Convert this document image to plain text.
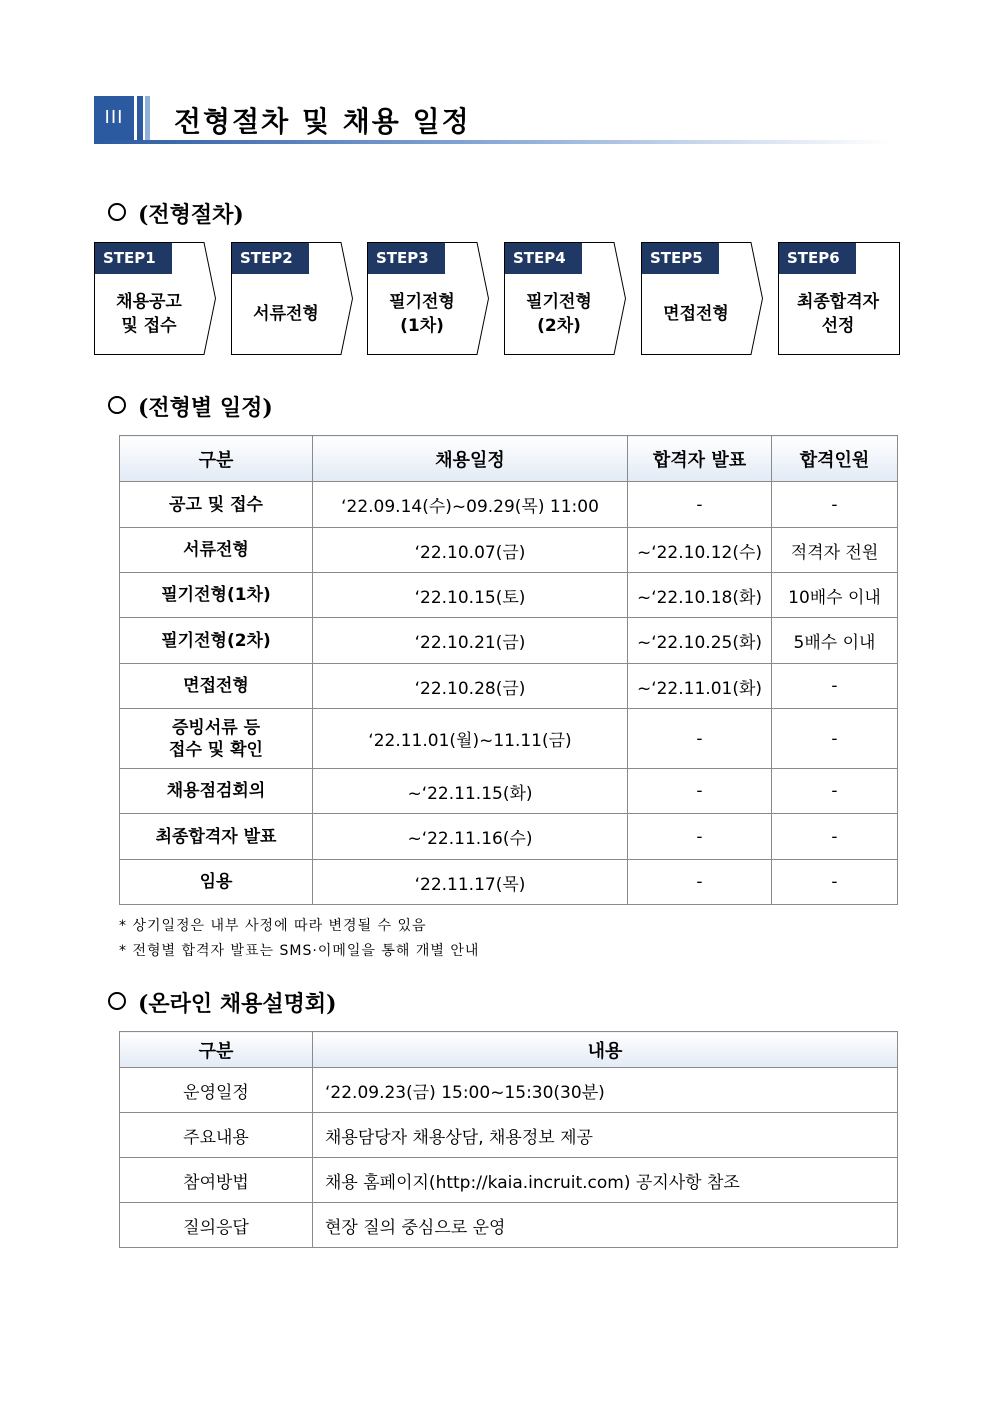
III	전형절차 및 채용 일정
(전형절차)
STEP1
채용공고
및 접수
STEP2
서류전형
STEP3
필기전형
(1차)
STEP4
필기전형
(2차)
STEP5
면접전형
STEP6
최종합격자
선정
(전형별 일정)
구분	채용일정	합격자 발표	합격인원

공고 및 접수	‘22.09.14(수)~09.29(목) 11:00	-	-

서류전형	‘22.10.07(금)	~‘22.10.12(수)	적격자 전원

필기전형(1차)	‘22.10.15(토)	~‘22.10.18(화)	10배수 이내

필기전형(2차)	‘22.10.21(금)	~‘22.10.25(화)	5배수 이내

면접전형	‘22.10.28(금)	~‘22.11.01(화)	-

증빙서류 등
접수 및 확인	‘22.11.01(월)~11.11(금)	-	-

채용점검회의	~‘22.11.15(화)	-	-

최종합격자 발표	~‘22.11.16(수)	-	-

임용	‘22.11.17(목)	-	-
* 상기일정은 내부 사정에 따라 변경될 수 있음
* 전형별 합격자 발표는 SMS·이메일을 통해 개별 안내
(온라인 채용설명회)
구분	내용
운영일정	‘22.09.23(금) 15:00~15:30(30분)
주요내용	채용담당자 채용상담, 채용정보 제공
참여방법	채용 홈페이지(http://kaia.incruit.com) 공지사항 참조
질의응답	현장 질의 중심으로 운영
